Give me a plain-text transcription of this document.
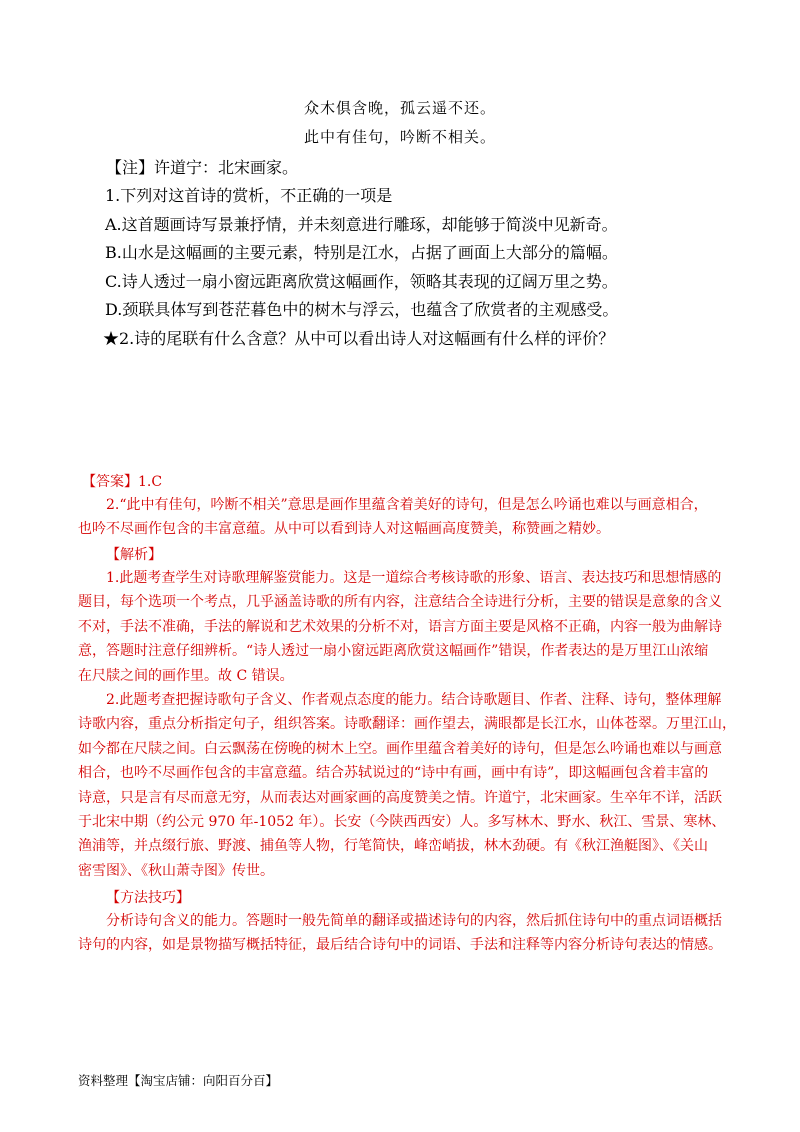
众木俱含晚，孤云遥不还。
此中有佳句，吟断不相关。
【注】许道宁：北宋画家。
1.下列对这首诗的赏析，不正确的一项是
A.这首题画诗写景兼抒情，并未刻意进行雕琢，却能够于简淡中见新奇。
B.山水是这幅画的主要元素，特别是江水，占据了画面上大部分的篇幅。
C.诗人透过一扇小窗远距离欣赏这幅画作，领略其表现的辽阔万里之势。
D.颈联具体写到苍茫暮色中的树木与浮云，也蕴含了欣赏者的主观感受。
★2.诗的尾联有什么含意？从中可以看出诗人对这幅画有什么样的评价？
【答案】1.C
2.“此中有佳句，吟断不相关”意思是画作里蕴含着美好的诗句，但是怎么吟诵也难以与画意相合，
也吟不尽画作包含的丰富意蕴。从中可以看到诗人对这幅画高度赞美，称赞画之精妙。
【解析】
1.此题考查学生对诗歌理解鉴赏能力。这是一道综合考核诗歌的形象、语言、表达技巧和思想情感的
题目，每个选项一个考点，几乎涵盖诗歌的所有内容，注意结合全诗进行分析，主要的错误是意象的含义
不对，手法不准确，手法的解说和艺术效果的分析不对，语言方面主要是风格不正确，内容一般为曲解诗
意，答题时注意仔细辨析。“诗人透过一扇小窗远距离欣赏这幅画作”错误，作者表达的是万里江山浓缩
在尺牍之间的画作里。故 C 错误。
2.此题考查把握诗歌句子含义、作者观点态度的能力。结合诗歌题目、作者、注释、诗句，整体理解
诗歌内容，重点分析指定句子，组织答案。诗歌翻译：画作望去，满眼都是长江水，山体苍翠。万里江山，
如今都在尺牍之间。白云飘荡在傍晚的树木上空。画作里蕴含着美好的诗句，但是怎么吟诵也难以与画意
相合，也吟不尽画作包含的丰富意蕴。结合苏轼说过的“诗中有画，画中有诗”，即这幅画包含着丰富的
诗意，只是言有尽而意无穷，从而表达对画家画的高度赞美之情。许道宁，北宋画家。生卒年不详，活跃
于北宋中期（约公元 970 年-1052 年）。长安（今陕西西安）人。多写林木、野水、秋江、雪景、寒林、
渔浦等，并点缀行旅、野渡、捕鱼等人物，行笔简快，峰峦峭拔，林木劲硬。有《秋江渔艇图》、《关山
密雪图》、《秋山萧寺图》传世。
【方法技巧】
分析诗句含义的能力。答题时一般先简单的翻译或描述诗句的内容，然后抓住诗句中的重点词语概括
诗句的内容，如是景物描写概括特征，最后结合诗句中的词语、手法和注释等内容分析诗句表达的情感。
资料整理【淘宝店铺：向阳百分百】
